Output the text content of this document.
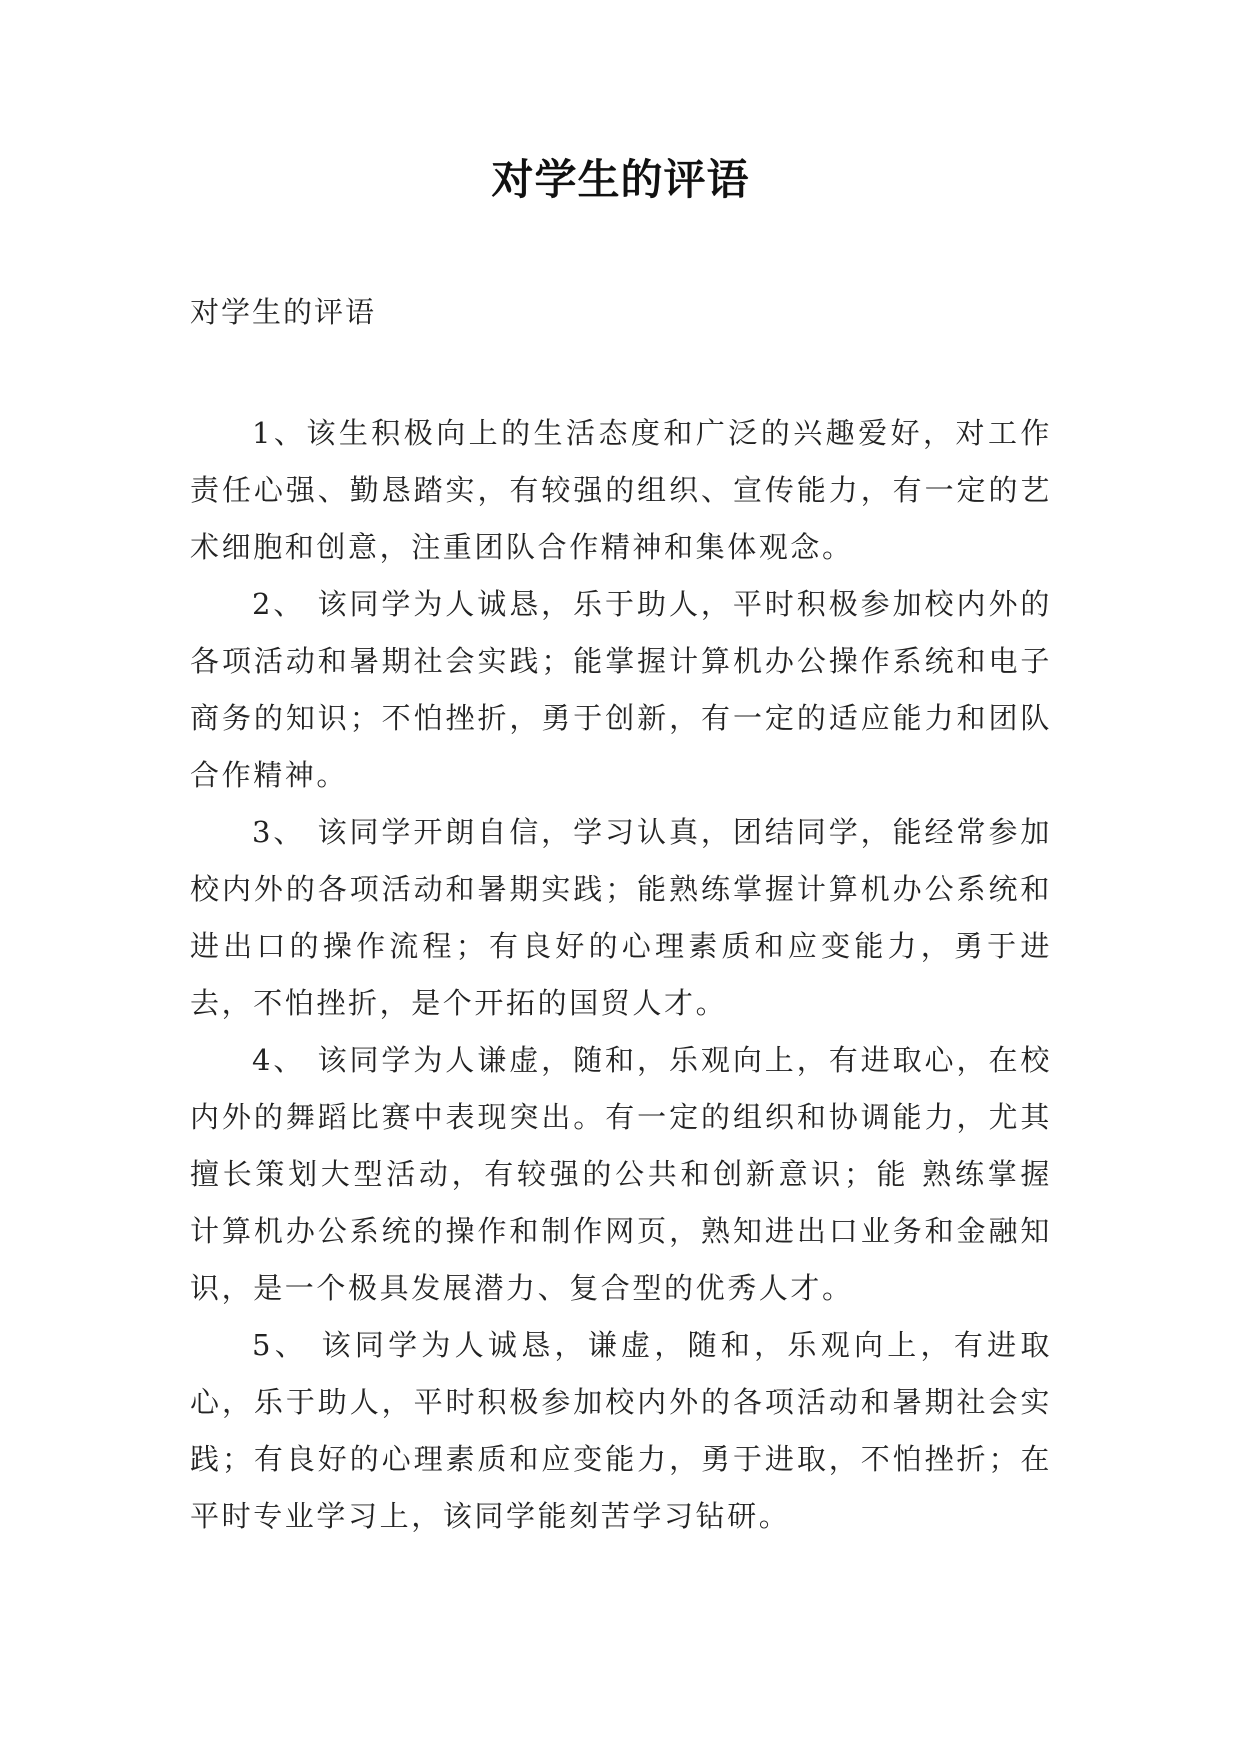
对学生的评语
对学生的评语

1、该生积极向上的生活态度和广泛的兴趣爱好，对工作责任心强、勤恳踏实，有较强的组织、宣传能力，有一定的艺术细胞和创意，注重团队合作精神和集体观念。

2、 该同学为人诚恳，乐于助人，平时积极参加校内外的各项活动和暑期社会实践；能掌握计算机办公操作系统和电子商务的知识；不怕挫折，勇于创新，有一定的适应能力和团队合作精神。

3、 该同学开朗自信，学习认真，团结同学，能经常参加校内外的各项活动和暑期实践；能熟练掌握计算机办公系统和进出口的操作流程；有良好的心理素质和应变能力，勇于进去，不怕挫折，是个开拓的国贸人才。

4、 该同学为人谦虚，随和，乐观向上，有进取心，在校内外的舞蹈比赛中表现突出。有一定的组织和协调能力，尤其擅长策划大型活动，有较强的公共和创新意识；能 熟练掌握计算机办公系统的操作和制作网页，熟知进出口业务和金融知识，是一个极具发展潜力、复合型的优秀人才。

5、 该同学为人诚恳，谦虚，随和，乐观向上，有进取心，乐于助人，平时积极参加校内外的各项活动和暑期社会实践；有良好的心理素质和应变能力，勇于进取，不怕挫折；在平时专业学习上，该同学能刻苦学习钻研。
